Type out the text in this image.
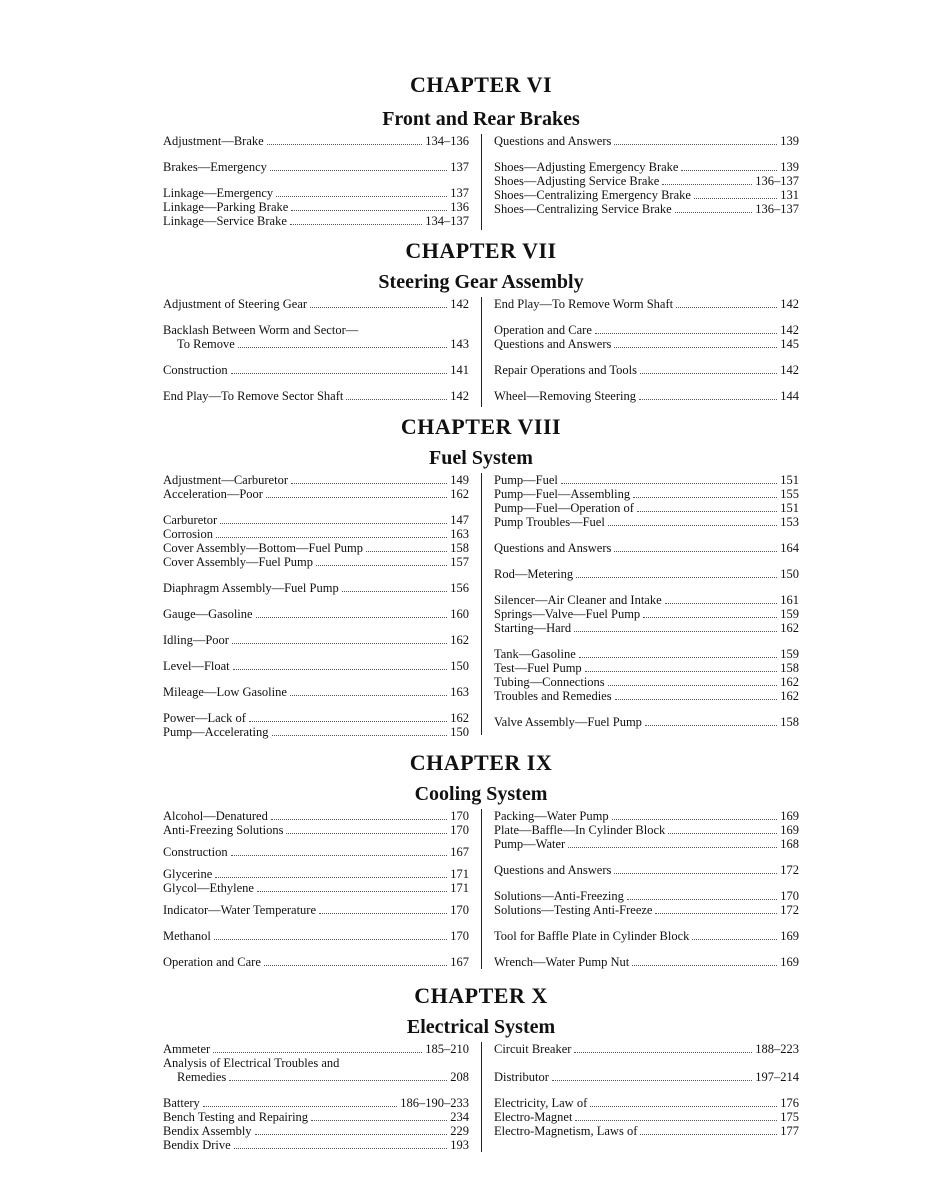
CHAPTER VI
Front and Rear Brakes
Adjustment—Brake	134–136
Brakes—Emergency	137
Linkage—Emergency	137
Linkage—Parking Brake	136
Linkage—Service Brake	134–137
Questions and Answers	139
Shoes—Adjusting Emergency Brake	139
Shoes—Adjusting Service Brake	136–137
Shoes—Centralizing Emergency Brake	131
Shoes—Centralizing Service Brake	136–137
CHAPTER VII
Steering Gear Assembly
Adjustment of Steering Gear	142
Backlash Between Worm and Sector—
To Remove	143
Construction	141
End Play—To Remove Sector Shaft	142
End Play—To Remove Worm Shaft	142
Operation and Care	142
Questions and Answers	145
Repair Operations and Tools	142
Wheel—Removing Steering	144
CHAPTER VIII
Fuel System
Adjustment—Carburetor	149
Acceleration—Poor	162
Carburetor	147
Corrosion	163
Cover Assembly—Bottom—Fuel Pump	158
Cover Assembly—Fuel Pump	157
Diaphragm Assembly—Fuel Pump	156
Gauge—Gasoline	160
Idling—Poor	162
Level—Float	150
Mileage—Low Gasoline	163
Power—Lack of	162
Pump—Accelerating	150
Pump—Fuel	151
Pump—Fuel—Assembling	155
Pump—Fuel—Operation of	151
Pump Troubles—Fuel	153
Questions and Answers	164
Rod—Metering	150
Silencer—Air Cleaner and Intake	161
Springs—Valve—Fuel Pump	159
Starting—Hard	162
Tank—Gasoline	159
Test—Fuel Pump	158
Tubing—Connections	162
Troubles and Remedies	162
Valve Assembly—Fuel Pump	158
CHAPTER IX
Cooling System
Alcohol—Denatured	170
Anti-Freezing Solutions	170
Construction	167
Glycerine	171
Glycol—Ethylene	171
Indicator—Water Temperature	170
Methanol	170
Operation and Care	167
Packing—Water Pump	169
Plate—Baffle—In Cylinder Block	169
Pump—Water	168
Questions and Answers	172
Solutions—Anti-Freezing	170
Solutions—Testing Anti-Freeze	172
Tool for Baffle Plate in Cylinder Block	169
Wrench—Water Pump Nut	169
CHAPTER X
Electrical System
Ammeter	185–210
Analysis of Electrical Troubles and
Remedies	208
Battery	186–190–233
Bench Testing and Repairing	234
Bendix Assembly	229
Bendix Drive	193
Circuit Breaker	188–223
Distributor	197–214
Electricity, Law of	176
Electro-Magnet	175
Electro-Magnetism, Laws of	177
